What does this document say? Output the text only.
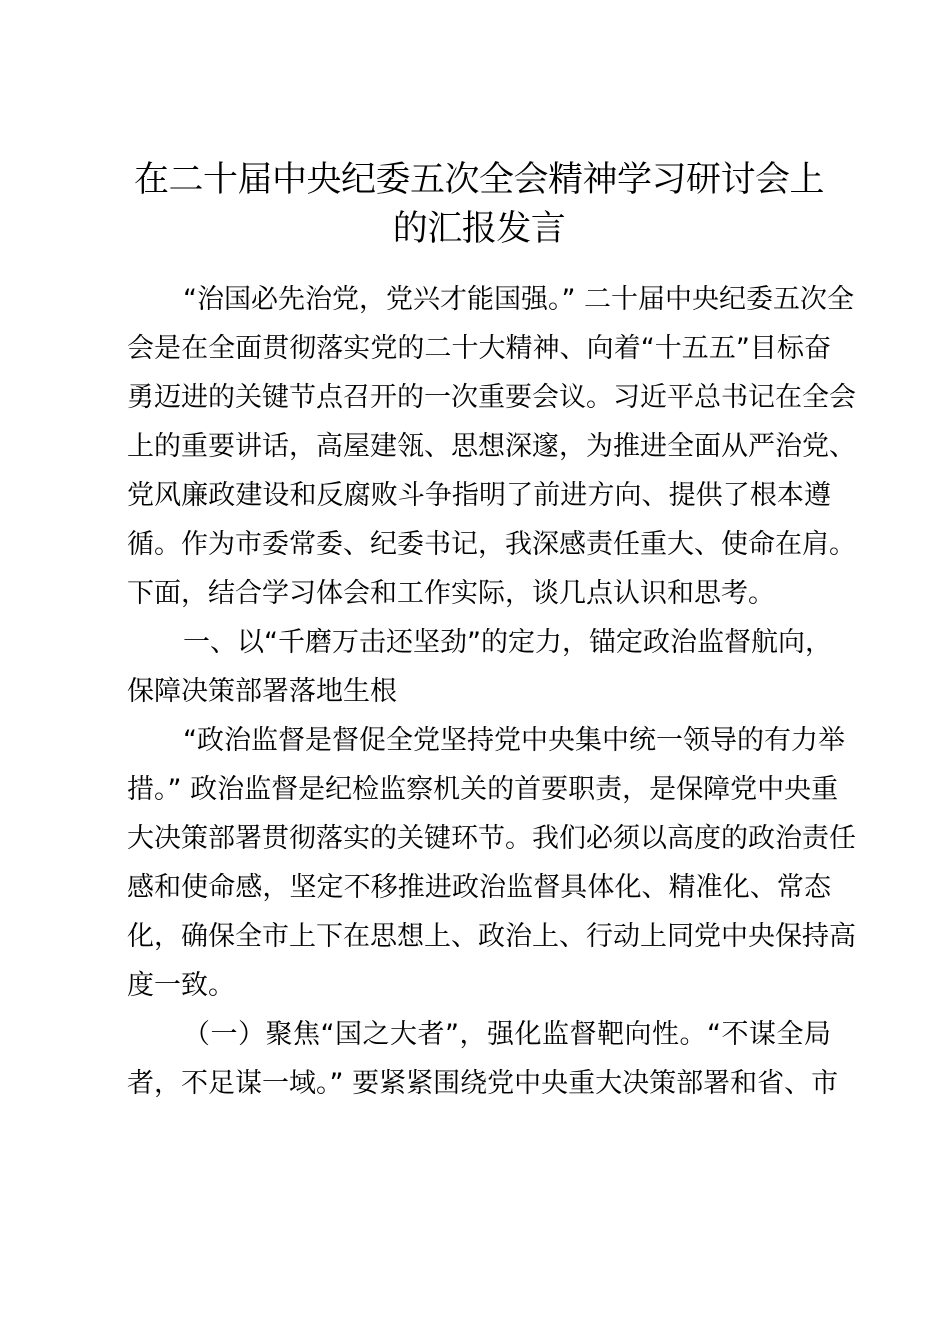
在二十届中央纪委五次全会精神学习研讨会上
的汇报发言
“治国必先治党，党兴才能国强。” 二十届中央纪委五次全
会是在全面贯彻落实党的二十大精神、向着“十五五”目标奋
勇迈进的关键节点召开的一次重要会议。习近平总书记在全会
上的重要讲话，高屋建瓴、思想深邃，为推进全面从严治党、
党风廉政建设和反腐败斗争指明了前进方向、提供了根本遵
循。作为市委常委、纪委书记，我深感责任重大、使命在肩。
下面，结合学习体会和工作实际，谈几点认识和思考。
一、以“千磨万击还坚劲”的定力，锚定政治监督航向，
保障决策部署落地生根
“政治监督是督促全党坚持党中央集中统一领导的有力举
措。” 政治监督是纪检监察机关的首要职责，是保障党中央重
大决策部署贯彻落实的关键环节。我们必须以高度的政治责任
感和使命感，坚定不移推进政治监督具体化、精准化、常态
化，确保全市上下在思想上、政治上、行动上同党中央保持高
度一致。
（一）聚焦“国之大者”，强化监督靶向性。“不谋全局
者，不足谋一域。” 要紧紧围绕党中央重大决策部署和省、市
